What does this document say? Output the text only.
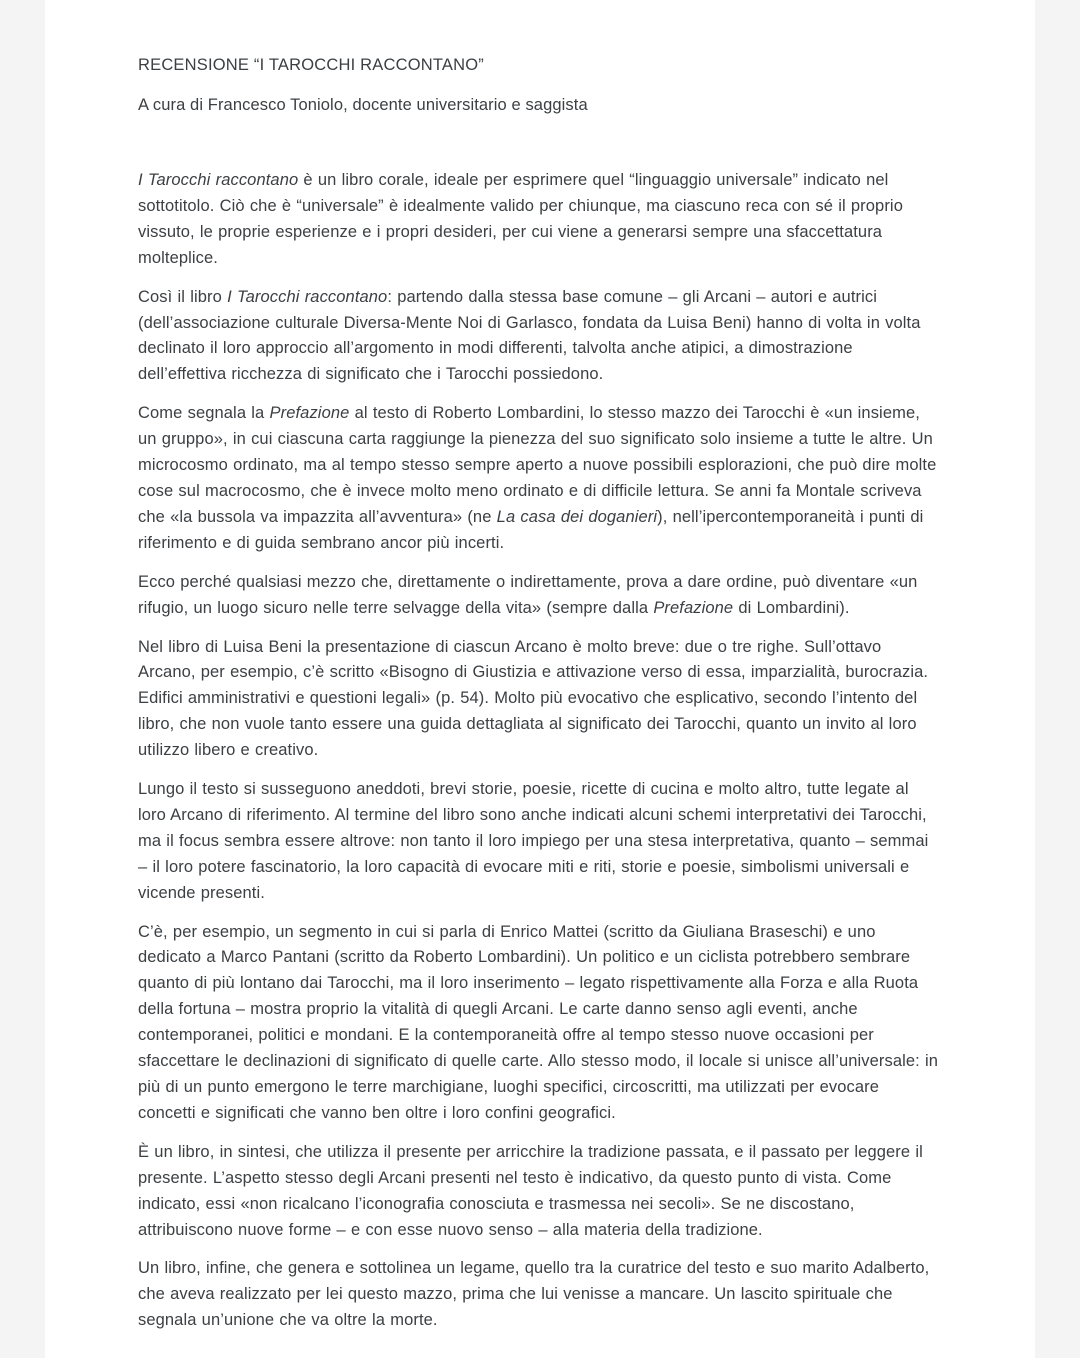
RECENSIONE “I TAROCCHI RACCONTANO”
A cura di Francesco Toniolo, docente universitario e saggista

I Tarocchi raccontano è un libro corale, ideale per esprimere quel “linguaggio universale” indicato nel sottotitolo. Ciò che è “universale” è idealmente valido per chiunque, ma ciascuno reca con sé il proprio vissuto, le proprie esperienze e i propri desideri, per cui viene a generarsi sempre una sfaccettatura molteplice.

Così il libro I Tarocchi raccontano: partendo dalla stessa base comune – gli Arcani – autori e autrici (dell’associazione culturale Diversa-Mente Noi di Garlasco, fondata da Luisa Beni) hanno di volta in volta declinato il loro approccio all’argomento in modi differenti, talvolta anche atipici, a dimostrazione dell’effettiva ricchezza di significato che i Tarocchi possiedono.

Come segnala la Prefazione al testo di Roberto Lombardini, lo stesso mazzo dei Tarocchi è «un insieme, un gruppo», in cui ciascuna carta raggiunge la pienezza del suo significato solo insieme a tutte le altre. Un microcosmo ordinato, ma al tempo stesso sempre aperto a nuove possibili esplorazioni, che può dire molte cose sul macrocosmo, che è invece molto meno ordinato e di difficile lettura. Se anni fa Montale scriveva che «la bussola va impazzita all’avventura» (ne La casa dei doganieri), nell’ipercontemporaneità i punti di riferimento e di guida sembrano ancor più incerti.

Ecco perché qualsiasi mezzo che, direttamente o indirettamente, prova a dare ordine, può diventare «un rifugio, un luogo sicuro nelle terre selvagge della vita» (sempre dalla Prefazione di Lombardini).

Nel libro di Luisa Beni la presentazione di ciascun Arcano è molto breve: due o tre righe. Sull’ottavo Arcano, per esempio, c’è scritto «Bisogno di Giustizia e attivazione verso di essa, imparzialità, burocrazia. Edifici amministrativi e questioni legali» (p. 54). Molto più evocativo che esplicativo, secondo l’intento del libro, che non vuole tanto essere una guida dettagliata al significato dei Tarocchi, quanto un invito al loro utilizzo libero e creativo.

Lungo il testo si susseguono aneddoti, brevi storie, poesie, ricette di cucina e molto altro, tutte legate al loro Arcano di riferimento. Al termine del libro sono anche indicati alcuni schemi interpretativi dei Tarocchi, ma il focus sembra essere altrove: non tanto il loro impiego per una stesa interpretativa, quanto – semmai – il loro potere fascinatorio, la loro capacità di evocare miti e riti, storie e poesie, simbolismi universali e vicende presenti.

C’è, per esempio, un segmento in cui si parla di Enrico Mattei (scritto da Giuliana Braseschi) e uno dedicato a Marco Pantani (scritto da Roberto Lombardini). Un politico e un ciclista potrebbero sembrare quanto di più lontano dai Tarocchi, ma il loro inserimento – legato rispettivamente alla Forza e alla Ruota della fortuna – mostra proprio la vitalità di quegli Arcani. Le carte danno senso agli eventi, anche contemporanei, politici e mondani. E la contemporaneità offre al tempo stesso nuove occasioni per sfaccettare le declinazioni di significato di quelle carte. Allo stesso modo, il locale si unisce all’universale: in più di un punto emergono le terre marchigiane, luoghi specifici, circoscritti, ma utilizzati per evocare concetti e significati che vanno ben oltre i loro confini geografici.

È un libro, in sintesi, che utilizza il presente per arricchire la tradizione passata, e il passato per leggere il presente. L’aspetto stesso degli Arcani presenti nel testo è indicativo, da questo punto di vista. Come indicato, essi «non ricalcano l’iconografia conosciuta e trasmessa nei secoli». Se ne discostano, attribuiscono nuove forme – e con esse nuovo senso – alla materia della tradizione.

Un libro, infine, che genera e sottolinea un legame, quello tra la curatrice del testo e suo marito Adalberto, che aveva realizzato per lei questo mazzo, prima che lui venisse a mancare. Un lascito spirituale che segnala un’unione che va oltre la morte.
